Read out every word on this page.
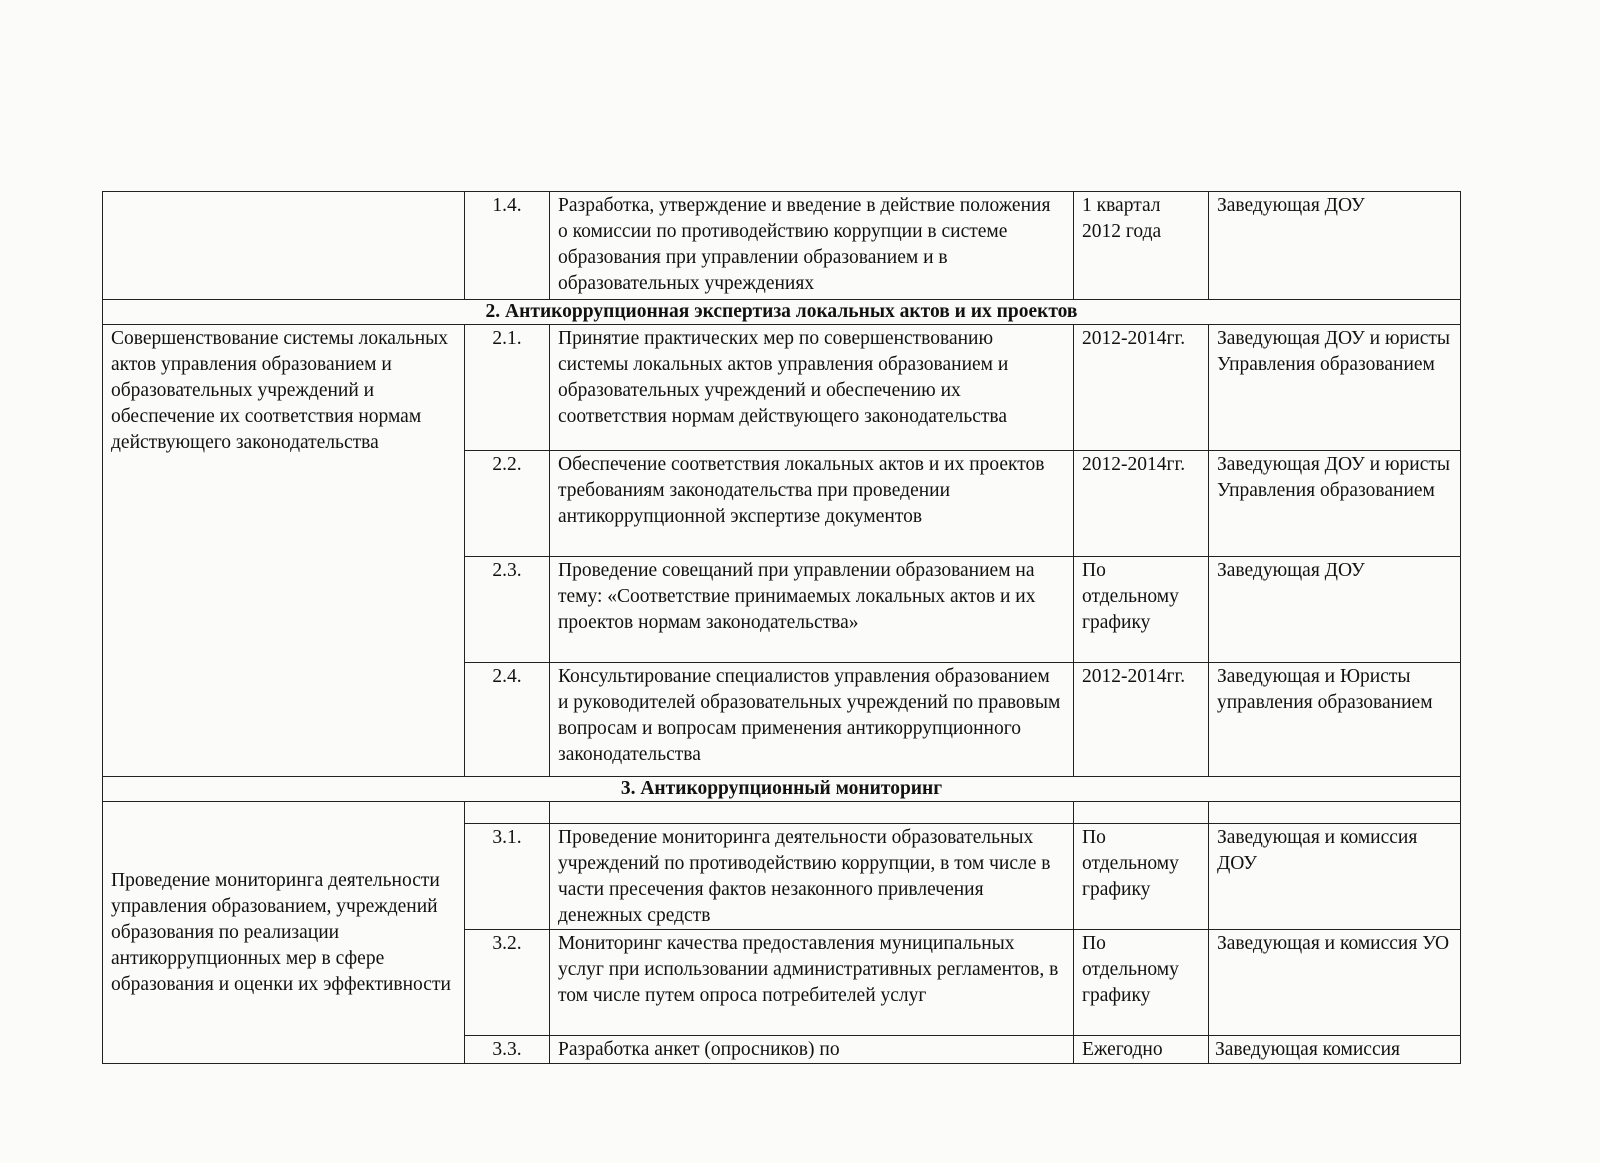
	1.4.	Разработка, утверждение и введение в действие положения о комиссии по противодействию коррупции в системе образования при управлении образованием и в образовательных учреждениях	1 квартал 2012 года	Заведующая ДОУ
2. Антикоррупционная экспертиза локальных актов и их проектов				
Совершенствование системы локальных актов управления образованием и образовательных учреждений и обеспечение их соответствия нормам действующего законодательства	2.1.	Принятие практических мер по совершенствованию системы локальных актов управления образованием и образовательных учреждений и обеспечению их соответствия нормам действующего законодательства	2012-2014гг.	Заведующая ДОУ и юристы Управления образованием
	2.2.	Обеспечение соответствия локальных актов и их проектов требованиям законодательства при проведении антикоррупционной экспертизе документов	2012-2014гг.	Заведующая ДОУ и юристы Управления образованием
	2.3.	Проведение совещаний при управлении образованием на тему: «Соответствие принимаемых локальных актов и их проектов нормам законодательства»	По отдельному графику	Заведующая ДОУ
	2.4.	Консультирование специалистов управления образованием и руководителей образовательных учреждений по правовым вопросам и вопросам применения антикоррупционного законодательства	2012-2014гг.	Заведующая и Юристы управления образованием
3. Антикоррупционный мониторинг				
Проведение мониторинга деятельности управления образованием, учреждений образования по реализации антикоррупционных мер в сфере образования и оценки их эффективности				
	3.1.	Проведение мониторинга деятельности образовательных учреждений по противодействию коррупции, в том числе в части пресечения фактов незаконного привлечения денежных средств	По отдельному графику	Заведующая и комиссия ДОУ
	3.2.	Мониторинг качества предоставления муниципальных услуг при использовании административных регламентов, в том числе путем опроса потребителей услуг	По отдельному графику	Заведующая и комиссия УО
	3.3.	Разработка анкет (опросников) по	Ежегодно	Заведующая комиссия
